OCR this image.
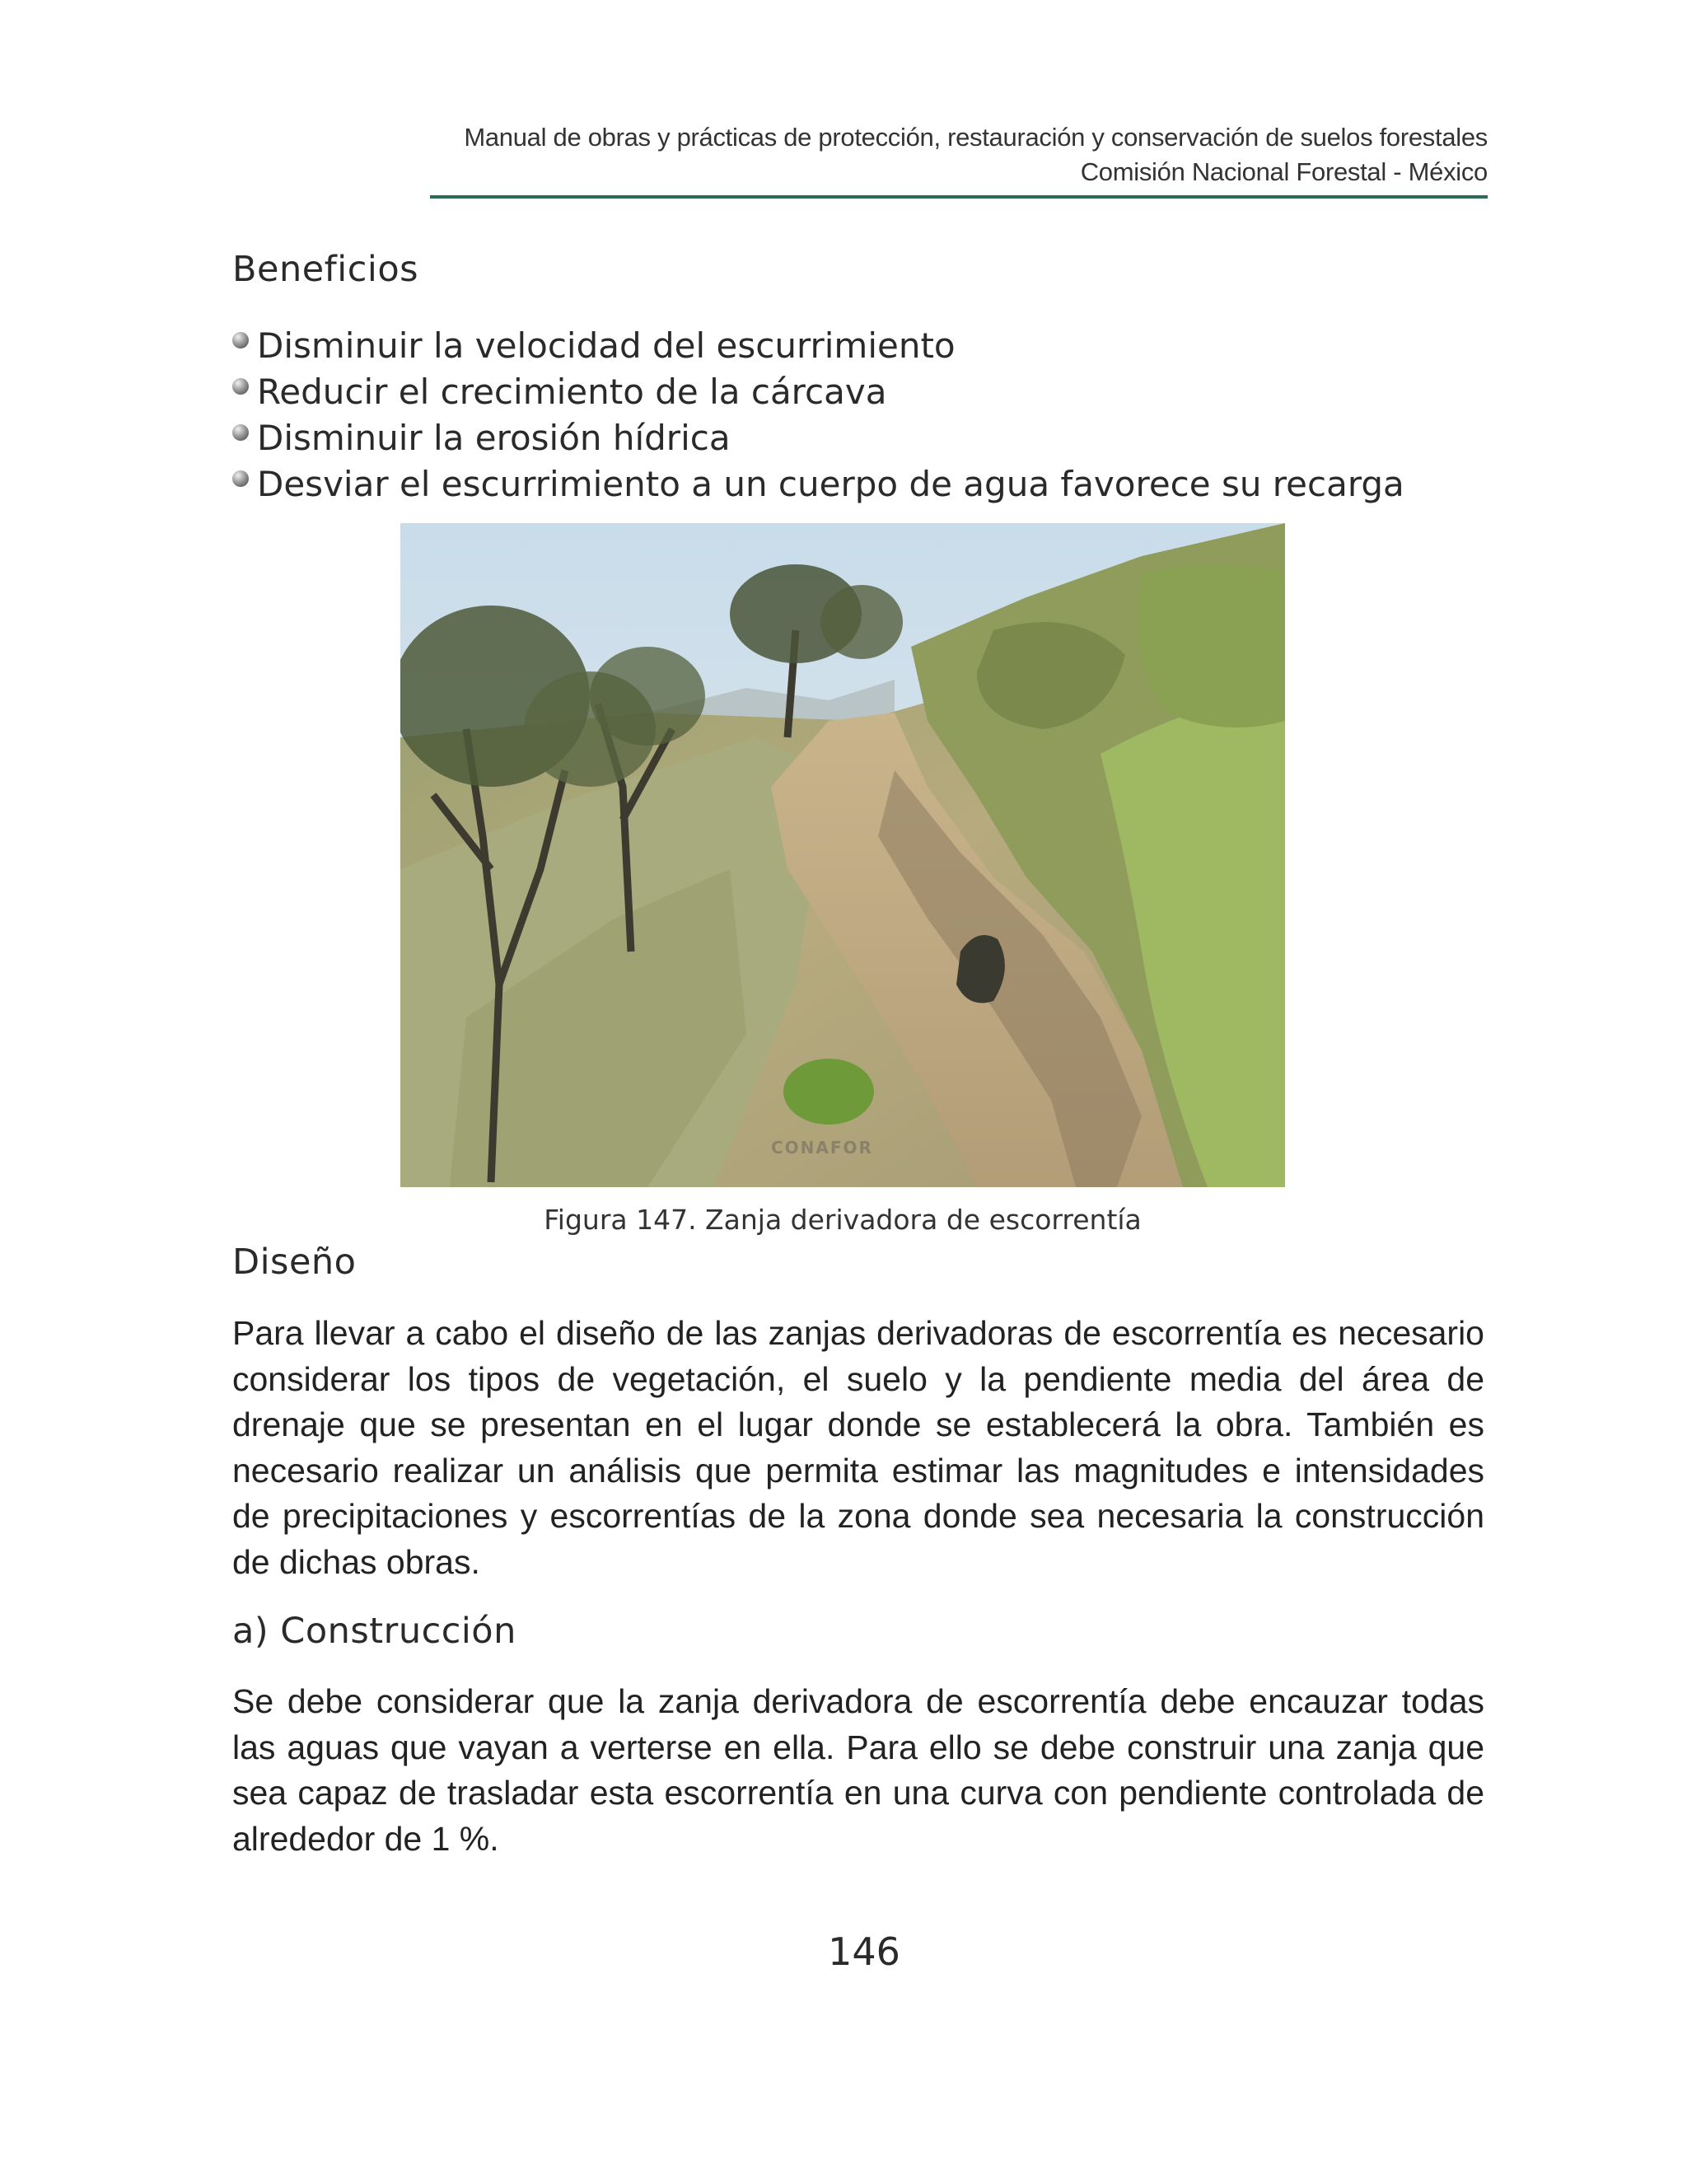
Manual de obras y prácticas de protección, restauración y conservación de suelos forestales
Comisión Nacional Forestal - México
Beneficios
Disminuir la velocidad del escurrimiento
Reducir el crecimiento de la cárcava
Disminuir la erosión hídrica
Desviar el escurrimiento a un cuerpo de agua favorece su recarga
CONAFOR
Figura 147. Zanja derivadora de escorrentía
Diseño

Para llevar a cabo el diseño de las zanjas derivadoras de escorrentía es necesario considerar los tipos de vegetación, el suelo y la pendiente media del área de drenaje que se presentan en el lugar donde se establecerá la obra. También es necesario realizar un análisis que permita estimar las magnitudes e intensidades de precipitaciones y escorrentías de la zona donde sea necesaria la construcción de dichas obras.

a) Construcción

Se debe considerar que la zanja derivadora de escorrentía debe encauzar todas las aguas que vayan a verterse en ella. Para ello se debe construir una zanja que sea capaz de trasladar esta escorrentía en una curva con pendiente controlada de alrededor de 1 %.

146
